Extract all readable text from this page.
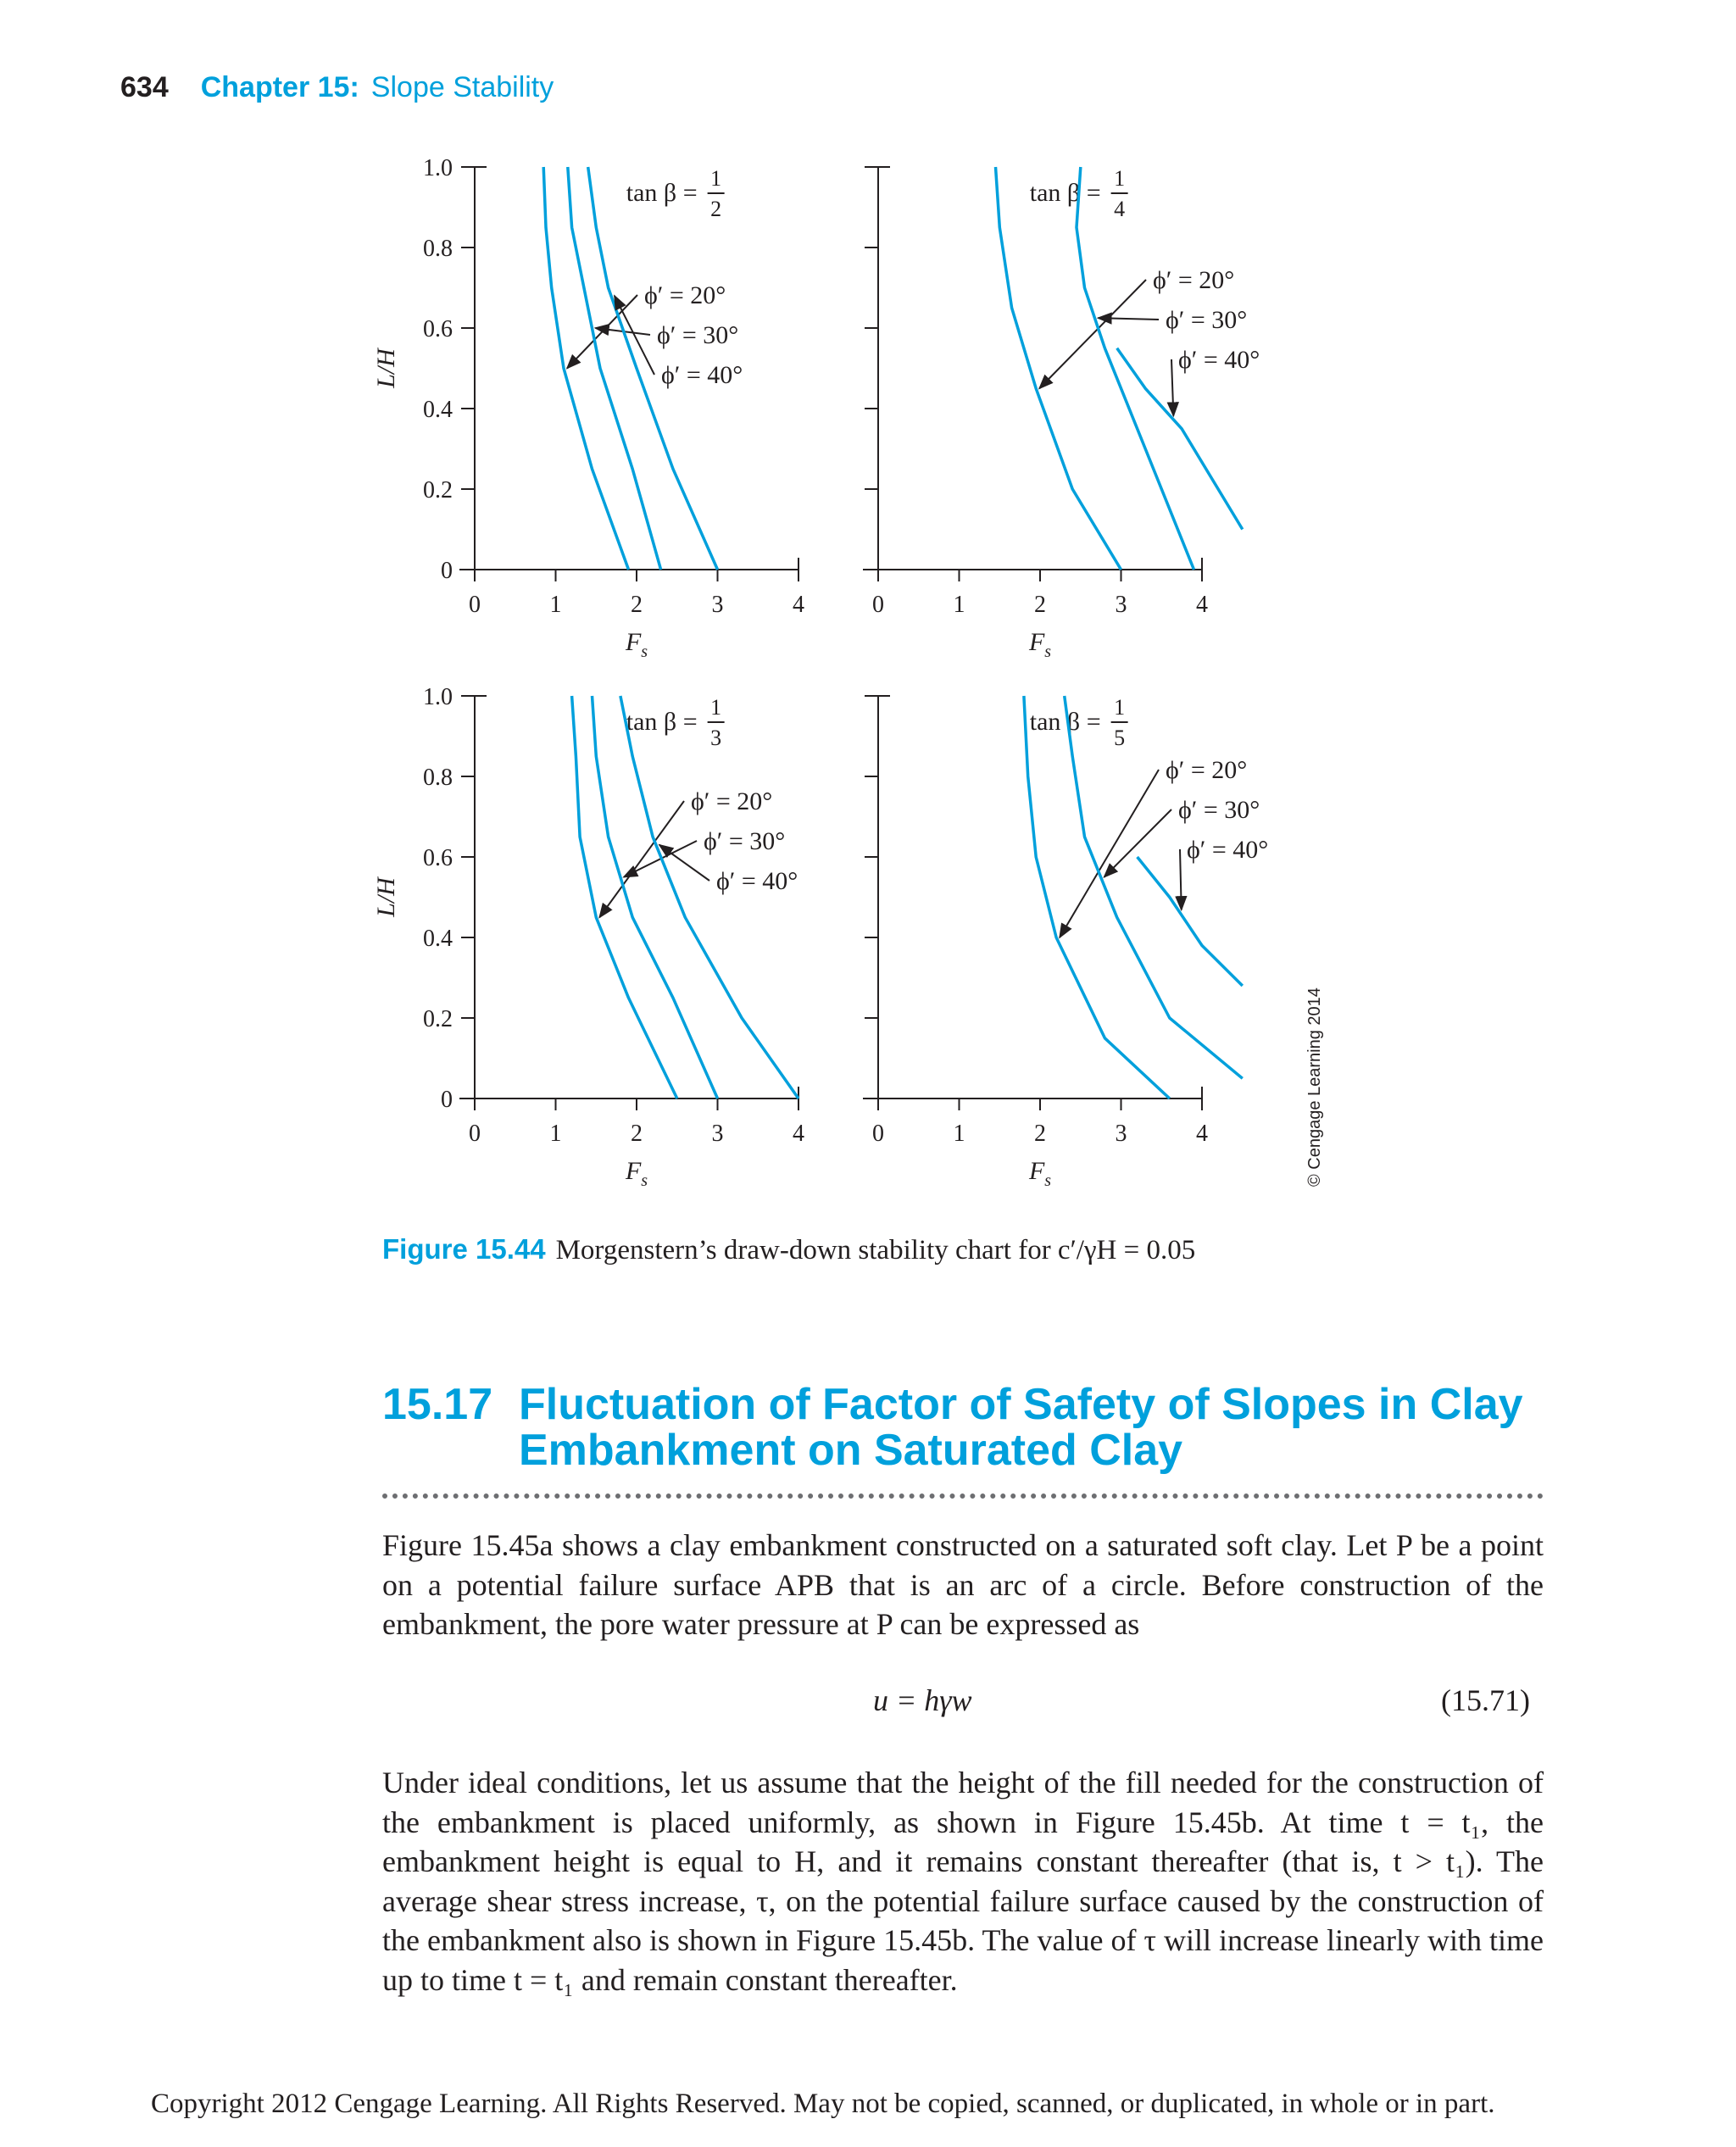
634 Chapter 15: Slope Stability
0
0.2
0.4
0.6
0.8
1.0
0	1	2	3	4
$F_s$
L/H
tan β =
1
2
ϕ′ = 20°
ϕ′ = 30°
ϕ′ = 40°
0	1	2	3	4
$F_s$
tan β =
1
4
ϕ′ = 20°
ϕ′ = 30°
ϕ′ = 40°
0
0.2
0.4
0.6
0.8
1.0
0	1	2	3	4
$F_s$
L/H
tan β =
1
3
ϕ′ = 20°
ϕ′ = 30°
ϕ′ = 40°
0	1	2	3	4
$F_s$
tan β =
1
5
ϕ′ = 20°
ϕ′ = 30°
ϕ′ = 40°
© Cengage Learning 2014
Figure 15.44 Morgenstern’s draw-down stability chart for c′/γH = 0.05
15.17 Fluctuation of Factor of Safety of Slopes in Clay Embankment on Saturated Clay

Figure 15.45a shows a clay embankment constructed on a saturated soft clay. Let P be a point on a potential failure surface APB that is an arc of a circle. Before construction of the embankment, the pore water pressure at P can be expressed as

u = hγw	(15.71)

Under ideal conditions, let us assume that the height of the fill needed for the construction of the embankment is placed uniformly, as shown in Figure 15.45b. At time t = t₁, the embankment height is equal to H, and it remains constant thereafter (that is, t > t₁). The average shear stress increase, τ, on the potential failure surface caused by the construction of the embankment also is shown in Figure 15.45b. The value of τ will increase linearly with time up to time t = t₁ and remain constant thereafter.

Copyright 2012 Cengage Learning. All Rights Reserved. May not be copied, scanned, or duplicated, in whole or in part.
